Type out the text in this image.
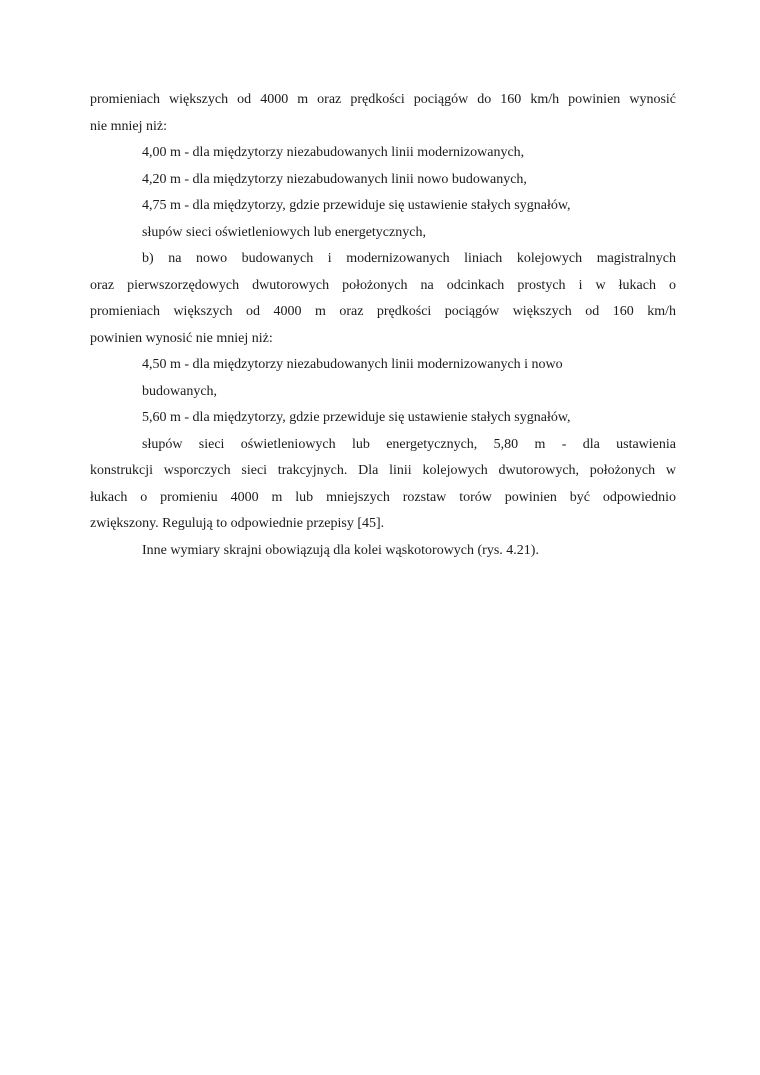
promieniach większych od 4000 m oraz prędkości pociągów do 160 km/h powinien wynosić
nie mniej niż:
4,00 m - dla międzytorzy niezabudowanych linii modernizowanych,
4,20 m - dla międzytorzy niezabudowanych linii nowo budowanych,
4,75 m - dla międzytorzy, gdzie przewiduje się ustawienie stałych sygnałów,
słupów sieci oświetleniowych lub energetycznych,
b) na nowo budowanych i modernizowanych liniach kolejowych magistralnych
oraz pierwszorzędowych dwutorowych położonych na odcinkach prostych i w łukach o
promieniach większych od 4000 m oraz prędkości pociągów większych od 160 km/h
powinien wynosić nie mniej niż:
4,50 m - dla międzytorzy niezabudowanych linii modernizowanych i nowo
budowanych,
5,60 m - dla międzytorzy, gdzie przewiduje się ustawienie stałych sygnałów,
słupów sieci oświetleniowych lub energetycznych, 5,80 m - dla ustawienia
konstrukcji wsporczych sieci trakcyjnych. Dla linii kolejowych dwutorowych, położonych w
łukach o promieniu 4000 m lub mniejszych rozstaw torów powinien być odpowiednio
zwiększony. Regulują to odpowiednie przepisy [45].
Inne wymiary skrajni obowiązują dla kolei wąskotorowych (rys. 4.21).
